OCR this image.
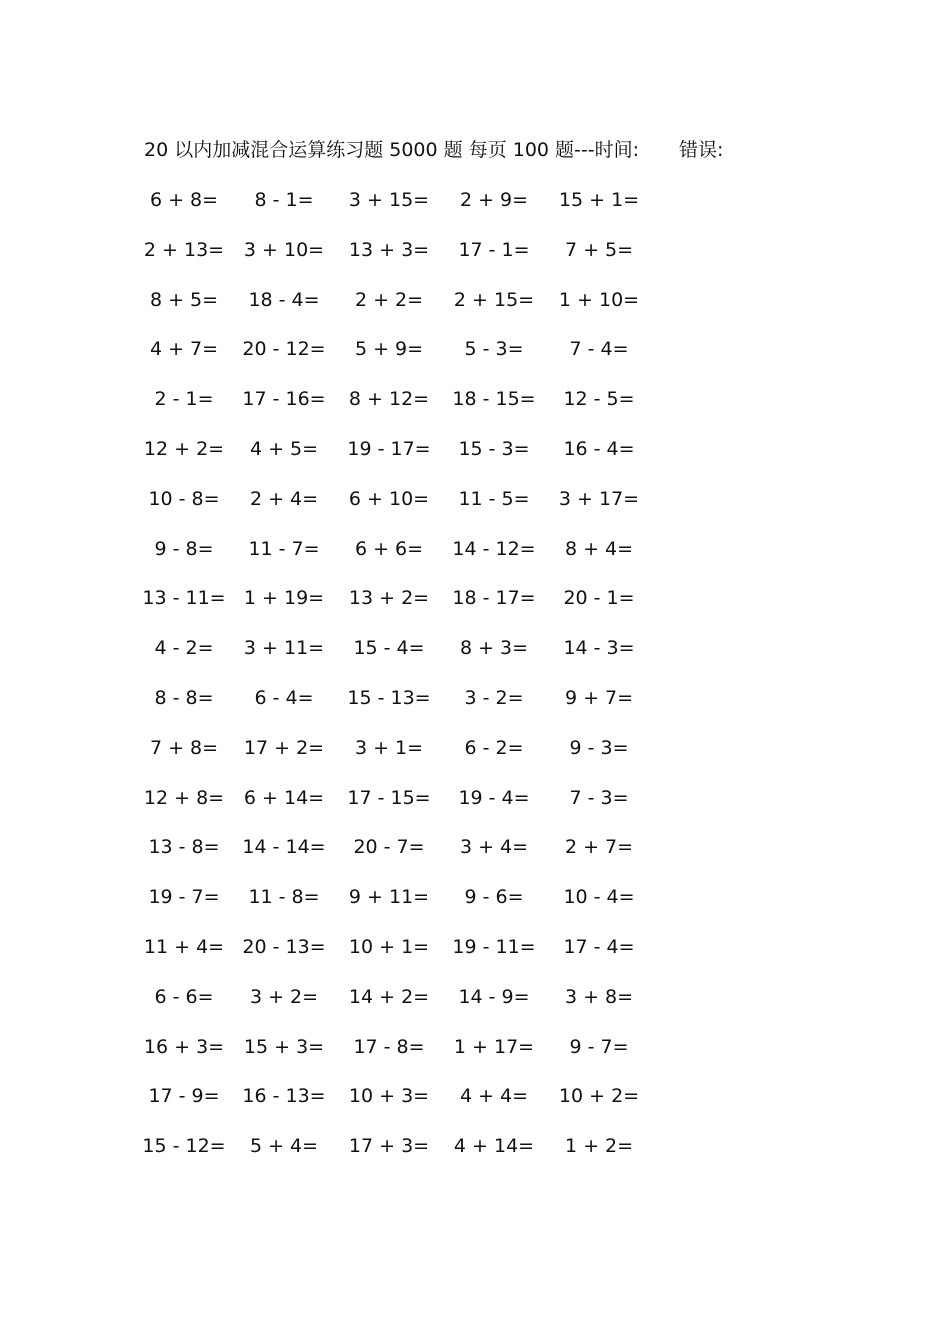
20 以内加减混合运算练习题 5000 题 每页 100 题---时间: 错误:
6 + 8=	8 - 1=	3 + 15=	2 + 9=	15 + 1=
2 + 13= 3 + 10= 13 + 3=	17 - 1=	7 + 5=
8 + 5=	18 - 4=	2 + 2=	2 + 15= 1 + 10=
4 + 7=	20 - 12=	5 + 9=	5 - 3=	7 - 4=
2 - 1=	17 - 16= 8 + 12= 18 - 15=	12 - 5=
12 + 2=	4 + 5=	19 - 17=	15 - 3=	16 - 4=
10 - 8=	2 + 4=	6 + 10=	11 - 5=	3 + 17=
9 - 8=	11 - 7=	6 + 6=	14 - 12=	8 + 4=
13 - 11= 1 + 19= 13 + 2= 18 - 17=	20 - 1=
4 - 2=	3 + 11=	15 - 4=	8 + 3=	14 - 3=
8 - 8=	6 - 4=	15 - 13=	3 - 2=	9 + 7=
7 + 8=	17 + 2=	3 + 1=	6 - 2=	9 - 3=
12 + 8= 6 + 14= 17 - 15=	19 - 4=	7 - 3=
13 - 8=	14 - 14=	20 - 7=	3 + 4=	2 + 7=
19 - 7=	11 - 8=	9 + 11=	9 - 6=	10 - 4=
11 + 4= 20 - 13= 10 + 1= 19 - 11=	17 - 4=
6 - 6=	3 + 2=	14 + 2=	14 - 9=	3 + 8=
16 + 3= 15 + 3=	17 - 8=	1 + 17=	9 - 7=
17 - 9=	16 - 13= 10 + 3=	4 + 4=	10 + 2=
15 - 12=	5 + 4=	17 + 3= 4 + 14=	1 + 2=
